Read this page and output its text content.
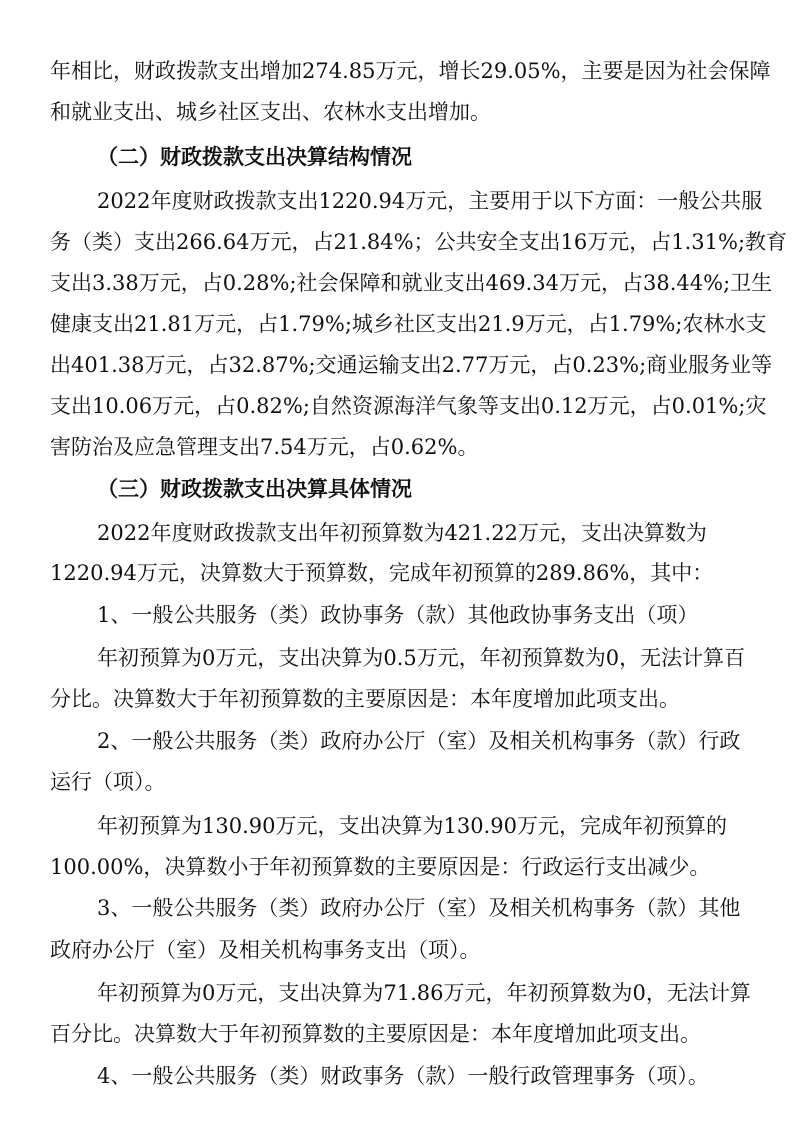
年相比，财政拨款支出增加274.85万元，增长29.05%，主要是因为社会保障

和就业支出、城乡社区支出、农林水支出增加。

（二）财政拨款支出决算结构情况

2022年度财政拨款支出1220.94万元，主要用于以下方面：一般公共服

务（类）支出266.64万元，占21.84%；公共安全支出16万元，占1.31%;教育

支出3.38万元，占0.28%;社会保障和就业支出469.34万元，占38.44%;卫生

健康支出21.81万元，占1.79%;城乡社区支出21.9万元，占1.79%;农林水支

出401.38万元，占32.87%;交通运输支出2.77万元，占0.23%;商业服务业等

支出10.06万元，占0.82%;自然资源海洋气象等支出0.12万元，占0.01%;灾

害防治及应急管理支出7.54万元，占0.62%。

（三）财政拨款支出决算具体情况

2022年度财政拨款支出年初预算数为421.22万元，支出决算数为

1220.94万元，决算数大于预算数，完成年初预算的289.86%，其中：

1、一般公共服务（类）政协事务（款）其他政协事务支出（项）

年初预算为0万元，支出决算为0.5万元，年初预算数为0，无法计算百

分比。决算数大于年初预算数的主要原因是：本年度增加此项支出。

2、一般公共服务（类）政府办公厅（室）及相关机构事务（款）行政

运行（项）。

年初预算为130.90万元，支出决算为130.90万元，完成年初预算的

100.00%，决算数小于年初预算数的主要原因是：行政运行支出减少。

3、一般公共服务（类）政府办公厅（室）及相关机构事务（款）其他

政府办公厅（室）及相关机构事务支出（项）。

年初预算为0万元，支出决算为71.86万元，年初预算数为0，无法计算

百分比。决算数大于年初预算数的主要原因是：本年度增加此项支出。

4、一般公共服务（类）财政事务（款）一般行政管理事务（项）。
